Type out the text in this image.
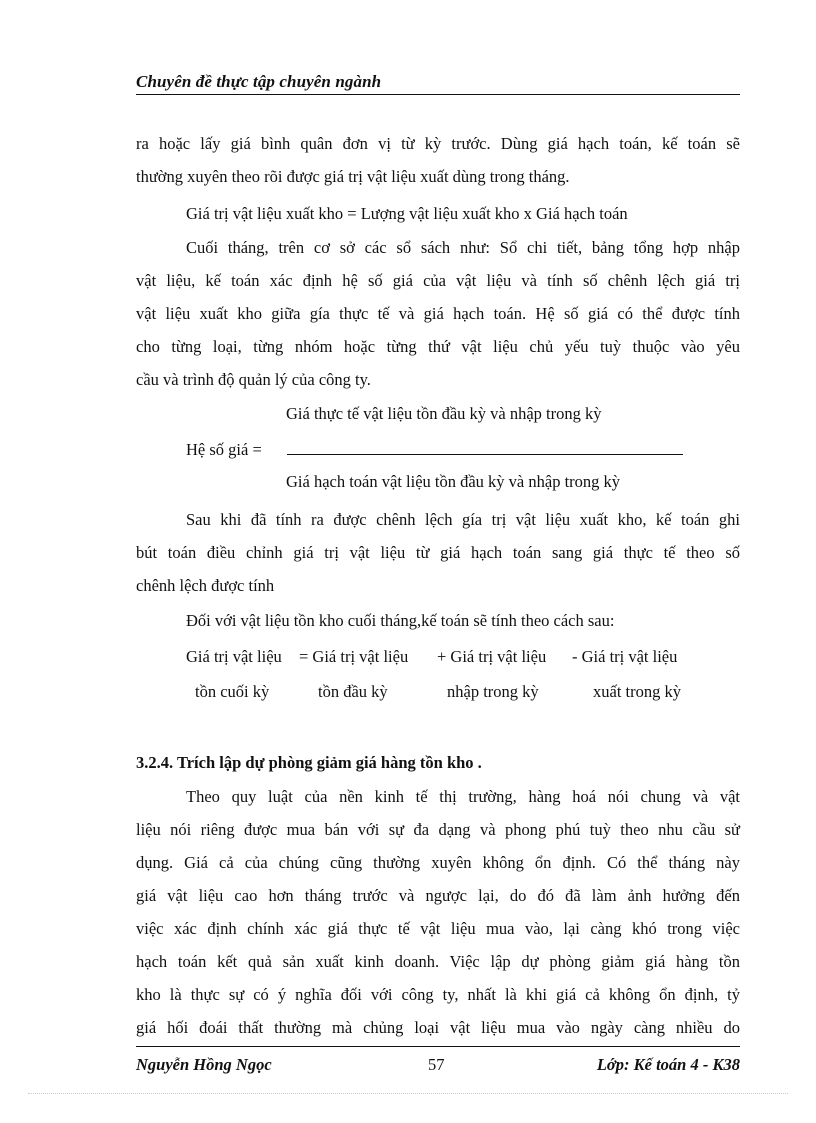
Chuyên đề thực tập chuyên ngành
ra hoặc lấy giá bình quân đơn vị từ kỳ trước. Dùng giá hạch toán, kế toán sẽ
thường xuyên theo rõi được giá trị vật liệu xuất dùng trong tháng.
Giá trị vật liệu xuất kho = Lượng vật liệu xuất kho x Giá hạch toán
Cuối tháng, trên cơ sở các sổ sách như: Sổ chi tiết, bảng tổng hợp nhập
vật liệu, kế toán xác định hệ số giá của vật liệu và tính số chênh lệch giá trị
vật liệu xuất kho giữa gía thực tế và giá hạch toán. Hệ số giá có thể được tính
cho từng loại, từng nhóm hoặc từng thứ vật liệu chủ yếu tuỳ thuộc vào yêu
cầu và trình độ quản lý của công ty.
Giá thực tế vật liệu tồn đầu kỳ và nhập trong kỳ
Hệ số giá =
Giá hạch toán vật liệu tồn đầu kỳ và nhập trong kỳ
Sau khi đã tính ra được chênh lệch gía trị vật liệu xuất kho, kế toán ghi
bút toán điều chỉnh giá trị vật liệu từ giá hạch toán sang giá thực tế theo số
chênh lệch được tính
Đối với vật liệu tồn kho cuối tháng,kế toán sẽ tính theo cách sau:
Giá trị vật liệu = Giá trị vật liệu + Giá trị vật liệu - Giá trị vật liệu
tồn cuối kỳ	tồn đầu kỳ	nhập trong kỳ	xuất trong kỳ
3.2.4. Trích lập dự phòng giảm giá hàng tồn kho .
Theo quy luật của nền kinh tế thị trường, hàng hoá nói chung và vật
liệu nói riêng được mua bán với sự đa dạng và phong phú tuỳ theo nhu cầu sử
dụng. Giá cả của chúng cũng thường xuyên không ổn định. Có thể tháng này
giá vật liệu cao hơn tháng trước và ngược lại, do đó đã làm ảnh hưởng đến
việc xác định chính xác giá thực tế vật liệu mua vào, lại càng khó trong việc
hạch toán kết quả sản xuất kinh doanh. Việc lập dự phòng giảm giá hàng tồn
kho là thực sự có ý nghĩa đối với công ty, nhất là khi giá cả không ổn định, tỷ
giá hối đoái thất thường mà chủng loại vật liệu mua vào ngày càng nhiều do
Nguyễn Hồng Ngọc	57	Lớp: Kế toán 4 - K38
